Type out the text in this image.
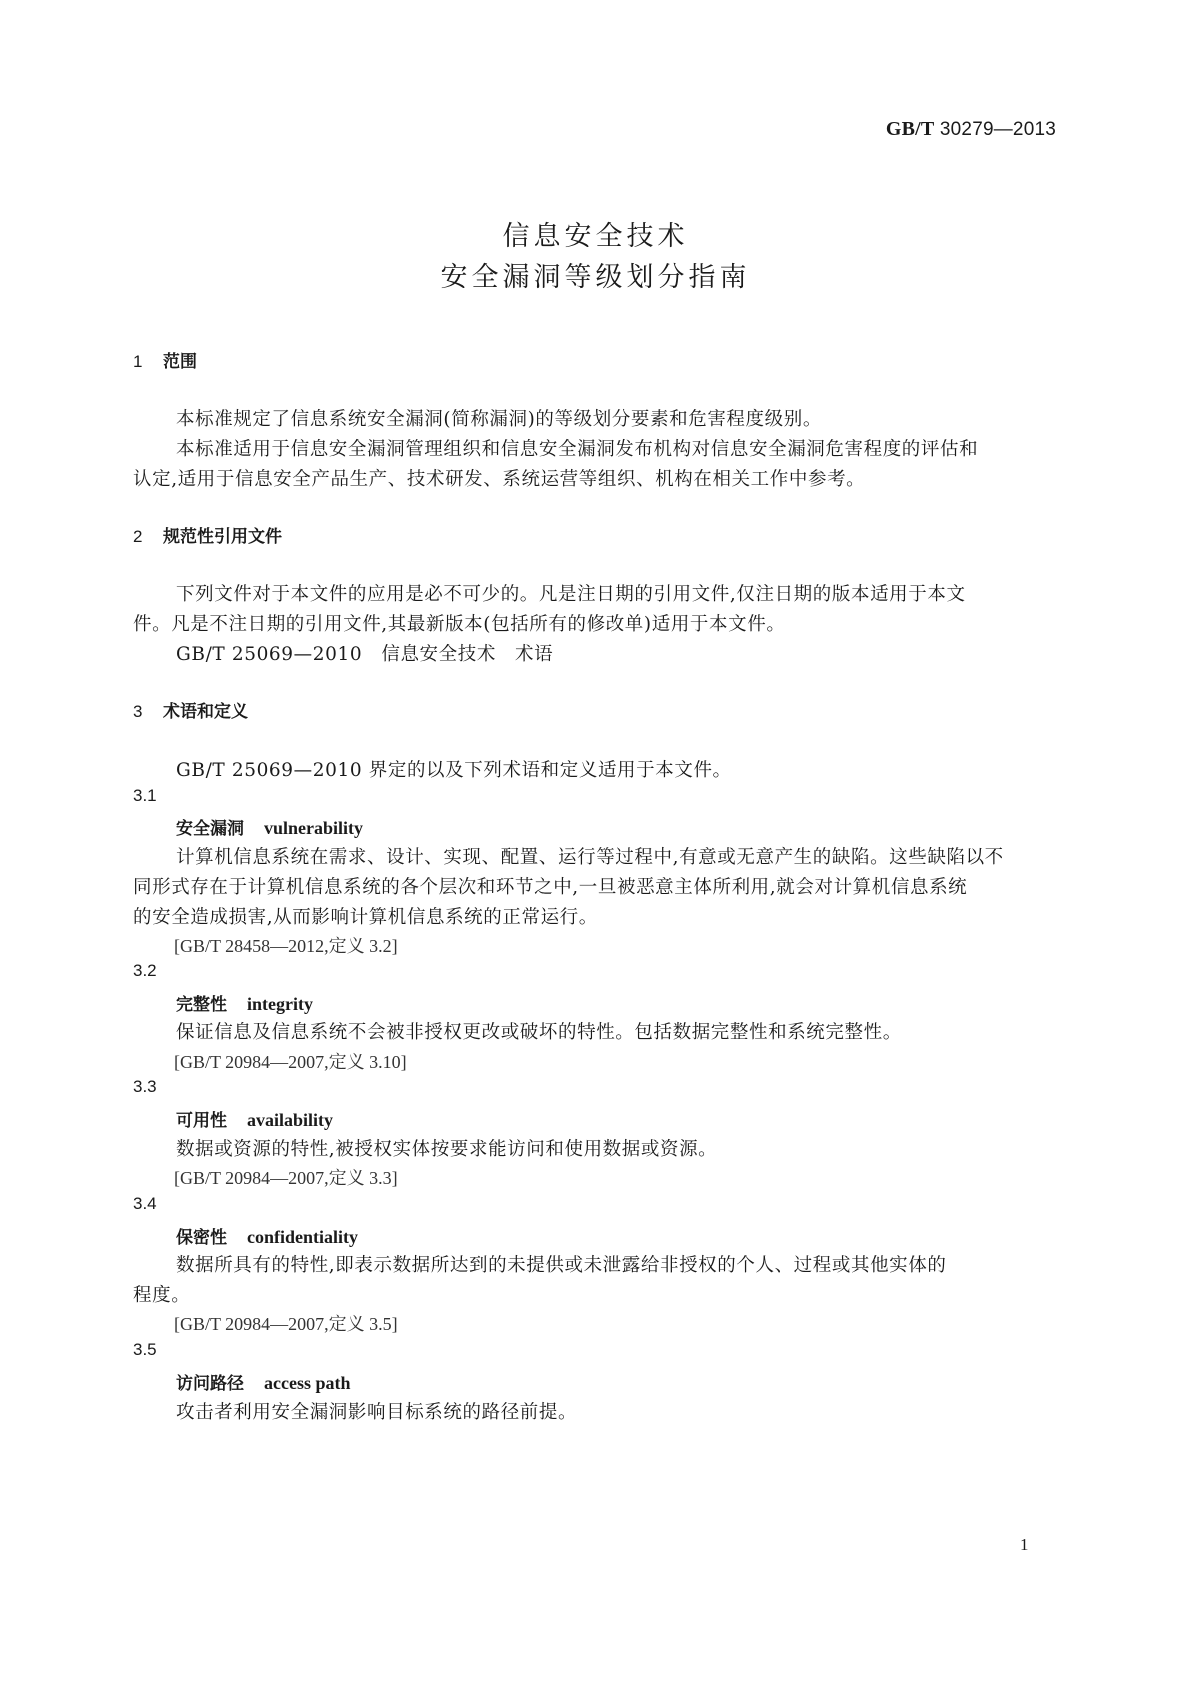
GB/T 30279—2013
信息安全技术
安全漏洞等级划分指南
1 范围
本标准规定了信息系统安全漏洞(简称漏洞)的等级划分要素和危害程度级别。
本标准适用于信息安全漏洞管理组织和信息安全漏洞发布机构对信息安全漏洞危害程度的评估和
认定,适用于信息安全产品生产、技术研发、系统运营等组织、机构在相关工作中参考。
2 规范性引用文件
下列文件对于本文件的应用是必不可少的。凡是注日期的引用文件,仅注日期的版本适用于本文
件。凡是不注日期的引用文件,其最新版本(包括所有的修改单)适用于本文件。
GB/T 25069—2010　信息安全技术　术语
3 术语和定义
GB/T 25069—2010 界定的以及下列术语和定义适用于本文件。
3.1
安全漏洞 vulnerability
计算机信息系统在需求、设计、实现、配置、运行等过程中,有意或无意产生的缺陷。这些缺陷以不
同形式存在于计算机信息系统的各个层次和环节之中,一旦被恶意主体所利用,就会对计算机信息系统
的安全造成损害,从而影响计算机信息系统的正常运行。
[GB/T 28458—2012,定义 3.2]
3.2
完整性 integrity
保证信息及信息系统不会被非授权更改或破坏的特性。包括数据完整性和系统完整性。
[GB/T 20984—2007,定义 3.10]
3.3
可用性 availability
数据或资源的特性,被授权实体按要求能访问和使用数据或资源。
[GB/T 20984—2007,定义 3.3]
3.4
保密性 confidentiality
数据所具有的特性,即表示数据所达到的未提供或未泄露给非授权的个人、过程或其他实体的
程度。
[GB/T 20984—2007,定义 3.5]
3.5
访问路径 access path
攻击者利用安全漏洞影响目标系统的路径前提。
1
